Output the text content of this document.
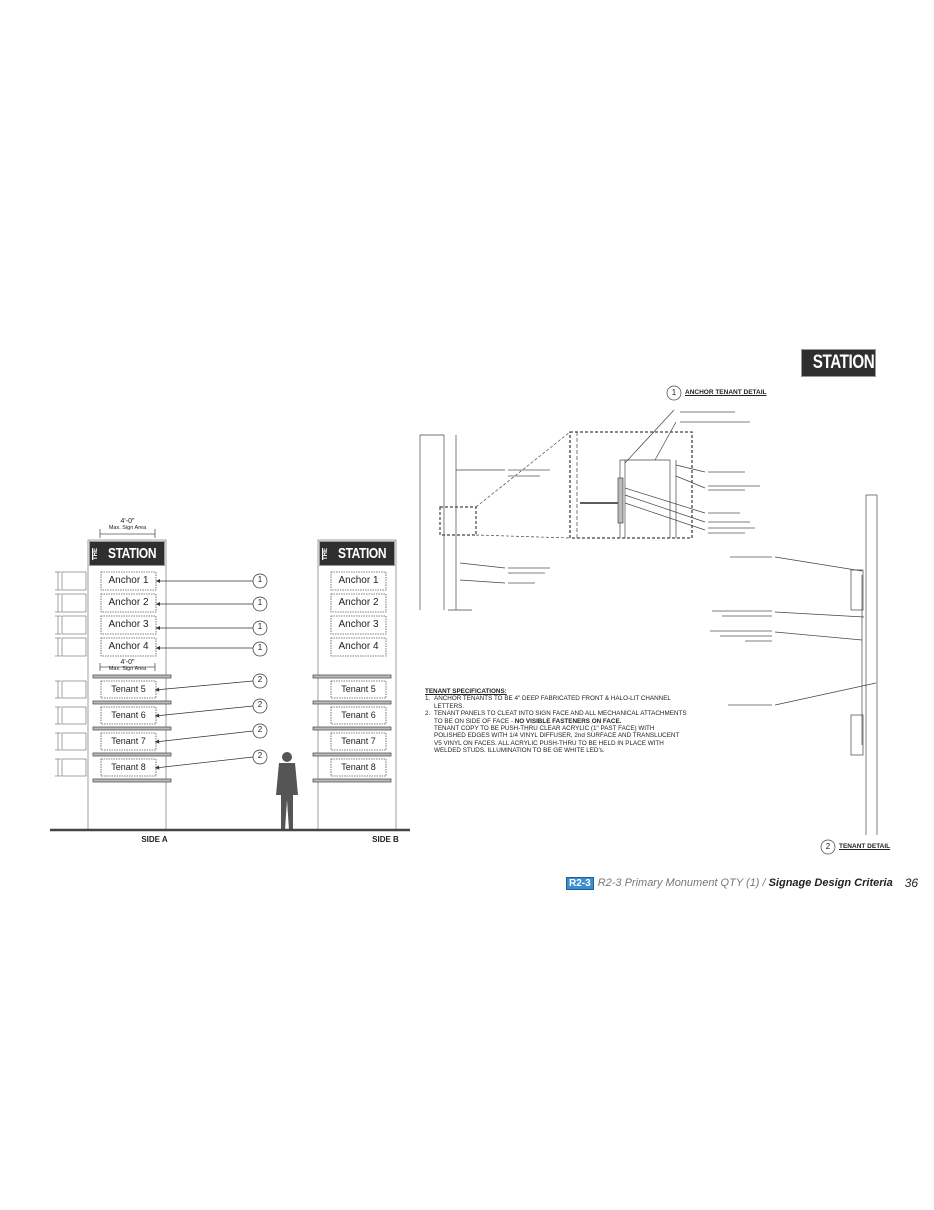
THE STATION
THE STATION	THE STATION
4'-0"
Max. Sign Area
4'-0"
Max. Sign Area
Anchor 1
Anchor 2
Anchor 3
Anchor 4
Tenant 5
Tenant 6
Tenant 7
Tenant 8
Anchor 1
Anchor 2
Anchor 3
Anchor 4
Tenant 5
Tenant 6
Tenant 7
Tenant 8
1
1
1
1
2
2
2
2
SIDE A	SIDE B
1	ANCHOR TENANT DETAIL
2	TENANT DETAIL
TENANT SPECIFICATIONS:
1. ANCHOR TENANTS TO BE 4" DEEP FABRICATED FRONT & HALO-LIT CHANNEL LETTERS.
2. TENANT PANELS TO CLEAT INTO SIGN FACE AND ALL MECHANICAL ATTACHMENTS TO BE ON SIDE OF FACE - NO VISIBLE FASTENERS ON FACE.
TENANT COPY TO BE PUSH-THRU CLEAR ACRYLIC (1" PAST FACE) WITH POLISHED EDGES WITH 1/4 VINYL DIFFUSER, 2nd SURFACE AND TRANSLUCENT V5 VINYL ON FACES. ALL ACRYLIC PUSH-THRU TO BE HELD IN PLACE WITH WELDED STUDS. ILLUMINATION TO BE GE WHITE LED's.
R2-3 R2-3 Primary Monument QTY (1) / Signage Design Criteria 36
